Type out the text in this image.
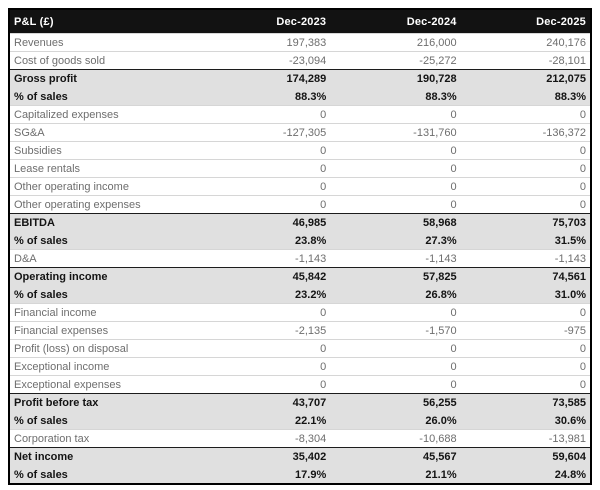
P&L (£)	Dec-2023	Dec-2024	Dec-2025
Revenues	197,383	216,000	240,176
Cost of goods sold	-23,094	-25,272	-28,101
Gross profit	174,289	190,728	212,075
% of sales	88.3%	88.3%	88.3%
Capitalized expenses	0	0	0
SG&A	-127,305	-131,760	-136,372
Subsidies	0	0	0
Lease rentals	0	0	0
Other operating income	0	0	0
Other operating expenses	0	0	0
EBITDA	46,985	58,968	75,703
% of sales	23.8%	27.3%	31.5%
D&A	-1,143	-1,143	-1,143
Operating income	45,842	57,825	74,561
% of sales	23.2%	26.8%	31.0%
Financial income	0	0	0
Financial expenses	-2,135	-1,570	-975
Profit (loss) on disposal	0	0	0
Exceptional income	0	0	0
Exceptional expenses	0	0	0
Profit before tax	43,707	56,255	73,585
% of sales	22.1%	26.0%	30.6%
Corporation tax	-8,304	-10,688	-13,981
Net income	35,402	45,567	59,604
% of sales	17.9%	21.1%	24.8%
